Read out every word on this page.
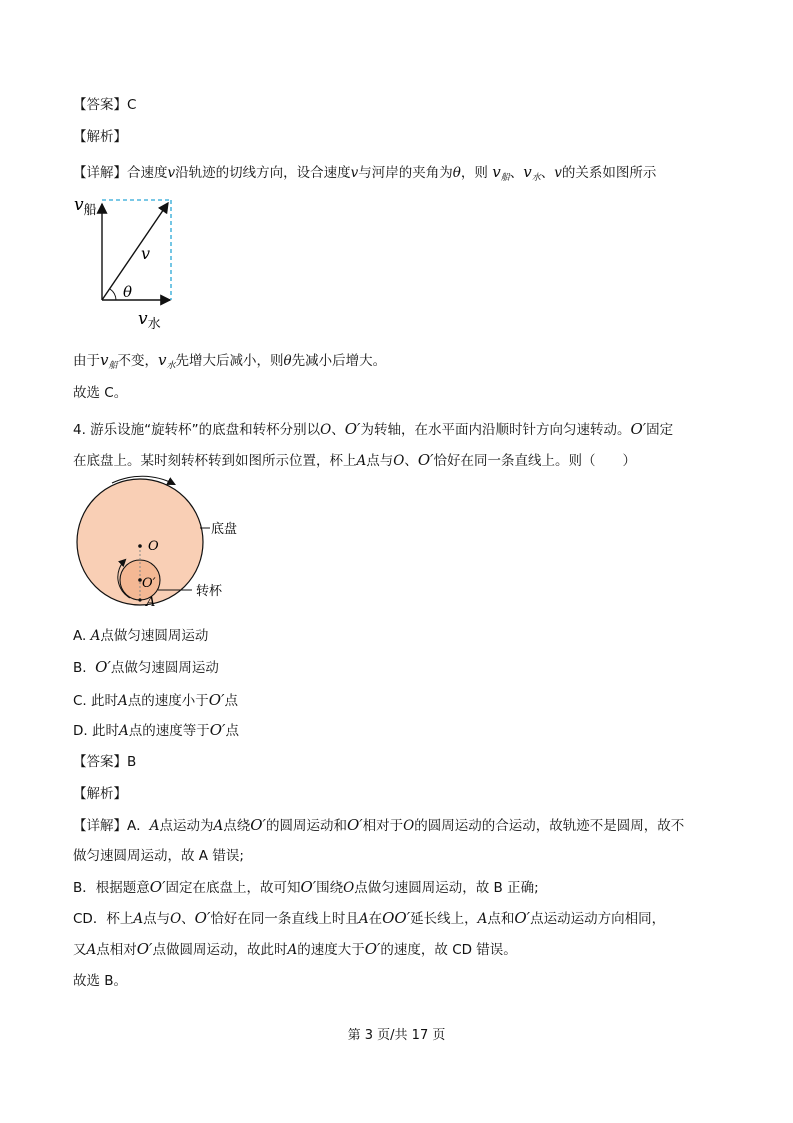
【答案】C
【解析】
【详解】合速度v沿轨迹的切线方向，设合速度v与河岸的夹角为θ，则 $v_船$、$v_水$、v的关系如图所示
$v_船$
v
θ
$v_水$
由于$v_船$不变，$v_水$先增大后减小，则θ先减小后增大。
故选 C。
4. 游乐设施“旋转杯”的底盘和转杯分别以O、O′为转轴，在水平面内沿顺时针方向匀速转动。O′固定
在底盘上。某时刻转杯转到如图所示位置，杯上A点与O、O′恰好在同一条直线上。则（　　）
O
O′
A
底盘
转杯
A. A点做匀速圆周运动
B. O′点做匀速圆周运动
C. 此时A点的速度小于O′点
D. 此时A点的速度等于O′点
【答案】B
【解析】
【详解】A．A点运动为A点绕O′的圆周运动和O′相对于O的圆周运动的合运动，故轨迹不是圆周，故不
做匀速圆周运动，故 A 错误;
B．根据题意O′固定在底盘上，故可知O′围绕O点做匀速圆周运动，故 B 正确;
CD．杯上A点与O、O′恰好在同一条直线上时且A在OO′延长线上，A点和O′点运动运动方向相同，
又A点相对O′点做圆周运动，故此时A的速度大于O′的速度，故 CD 错误。
故选 B。
第 3 页/共 17 页
